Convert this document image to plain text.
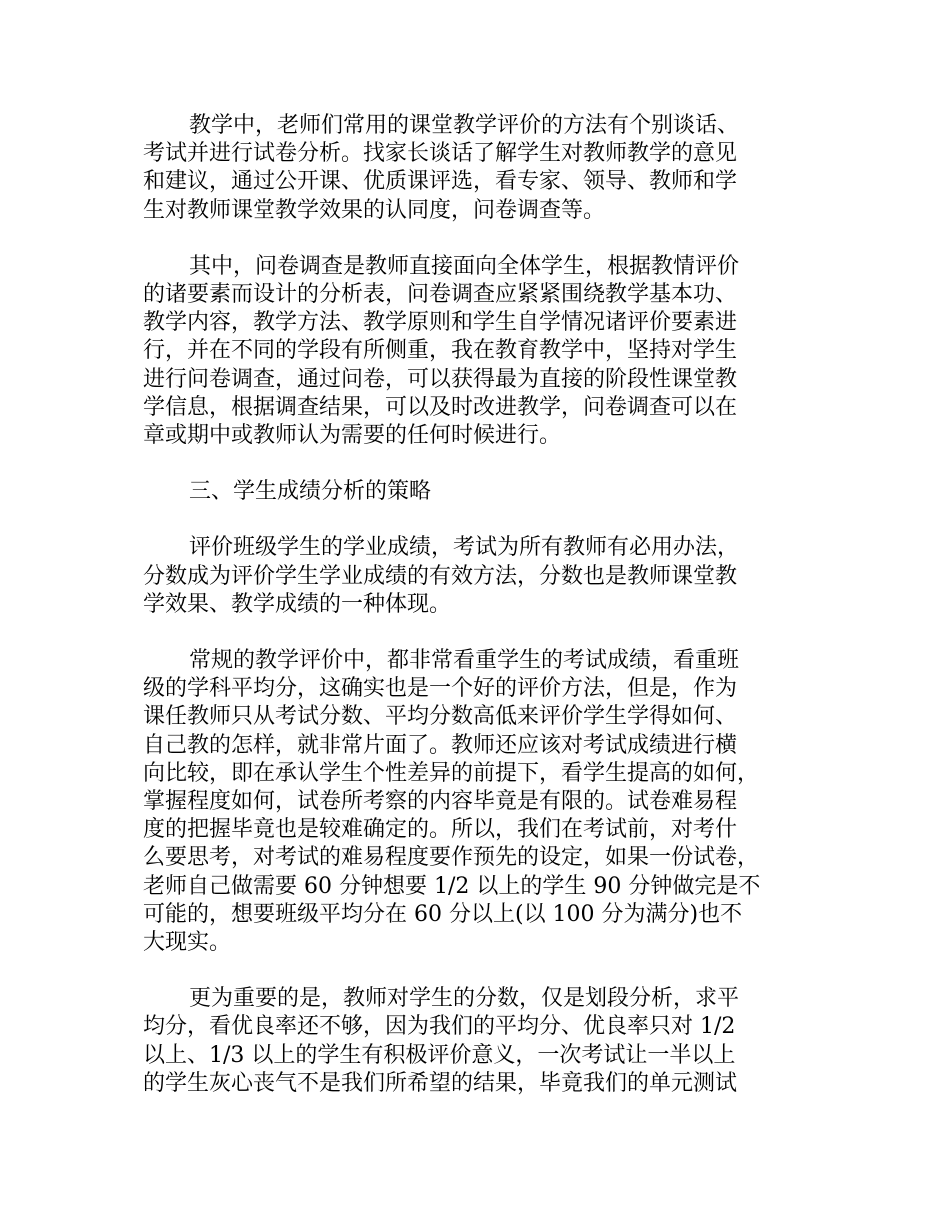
教学中，老师们常用的课堂教学评价的方法有个别谈话、
考试并进行试卷分析。找家长谈话了解学生对教师教学的意见
和建议，通过公开课、优质课评选，看专家、领导、教师和学
生对教师课堂教学效果的认同度，问卷调查等。

其中，问卷调查是教师直接面向全体学生，根据教情评价
的诸要素而设计的分析表，问卷调查应紧紧围绕教学基本功、
教学内容，教学方法、教学原则和学生自学情况诸评价要素进
行，并在不同的学段有所侧重，我在教育教学中，坚持对学生
进行问卷调查，通过问卷，可以获得最为直接的阶段性课堂教
学信息，根据调查结果，可以及时改进教学，问卷调查可以在
章或期中或教师认为需要的任何时候进行。

三、学生成绩分析的策略

评价班级学生的学业成绩，考试为所有教师有必用办法，
分数成为评价学生学业成绩的有效方法，分数也是教师课堂教
学效果、教学成绩的一种体现。

常规的教学评价中，都非常看重学生的考试成绩，看重班
级的学科平均分，这确实也是一个好的评价方法，但是，作为
课任教师只从考试分数、平均分数高低来评价学生学得如何、
自己教的怎样，就非常片面了。教师还应该对考试成绩进行横
向比较，即在承认学生个性差异的前提下，看学生提高的如何，
掌握程度如何，试卷所考察的内容毕竟是有限的。试卷难易程
度的把握毕竟也是较难确定的。所以，我们在考试前，对考什
么要思考，对考试的难易程度要作预先的设定，如果一份试卷，
老师自己做需要 60 分钟想要 1/2 以上的学生 90 分钟做完是不
可能的，想要班级平均分在 60 分以上(以 100 分为满分)也不
大现实。

更为重要的是，教师对学生的分数，仅是划段分析，求平
均分，看优良率还不够，因为我们的平均分、优良率只对 1/2
以上、1/3 以上的学生有积极评价意义，一次考试让一半以上
的学生灰心丧气不是我们所希望的结果，毕竟我们的单元测试
